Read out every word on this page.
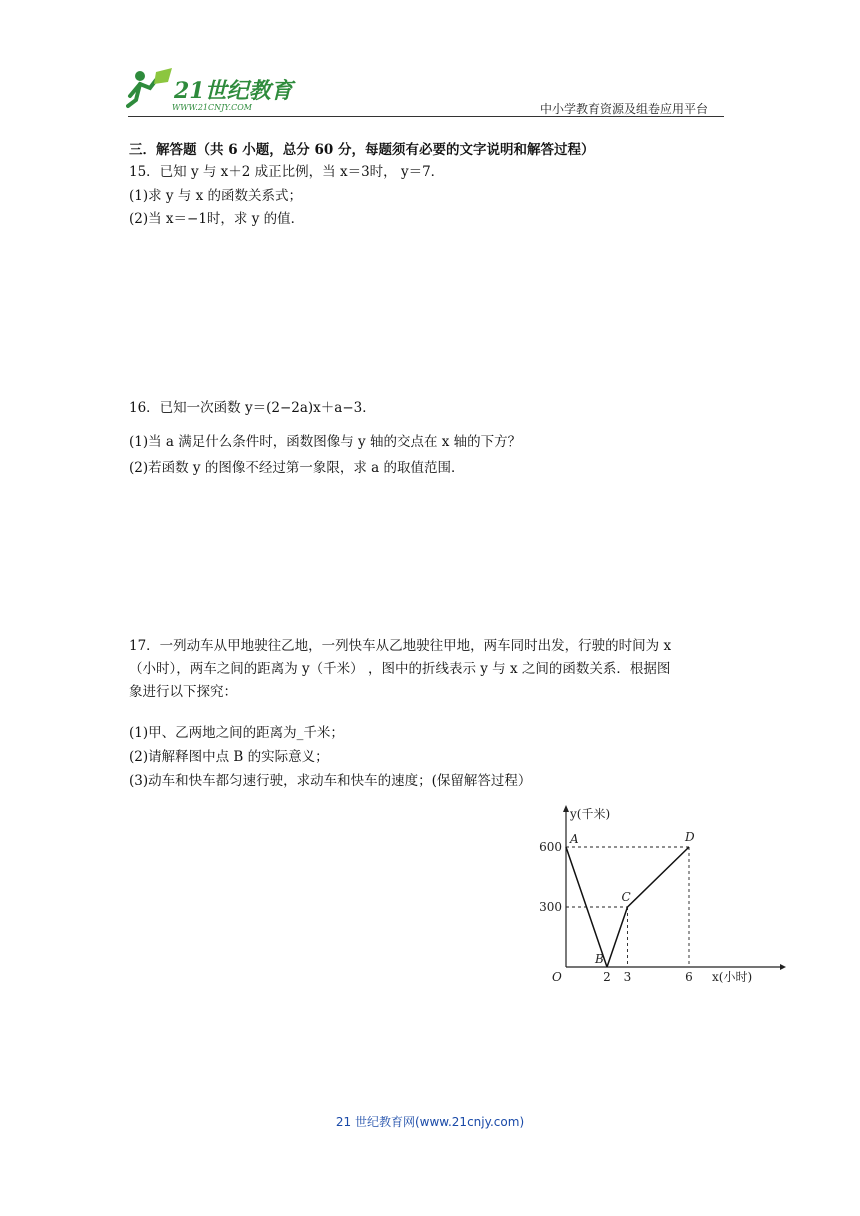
21世纪教育
WWW.21CNJY.COM	中小学教育资源及组卷应用平台
三．解答题（共 6 小题，总分 60 分，每题须有必要的文字说明和解答过程）
15．已知 y 与 x＋2 成正比例，当 x＝3时， y＝7．
(1)求 y 与 x 的函数关系式；
(2)当 x＝−1时，求 y 的值．
16．已知一次函数 y＝(2−2a)x＋a−3．
(1)当 a 满足什么条件时，函数图像与 y 轴的交点在 x 轴的下方？
(2)若函数 y 的图像不经过第一象限，求 a 的取值范围．
17．一列动车从甲地驶往乙地，一列快车从乙地驶往甲地，两车同时出发，行驶的时间为 x
（小时），两车之间的距离为 y（千米） ，图中的折线表示 y 与 x 之间的函数关系．根据图
象进行以下探究：
(1)甲、乙两地之间的距离为_千米；
(2)请解释图中点 B 的实际意义；
(3)动车和快车都匀速行驶，求动车和快车的速度；(保留解答过程）
y(千米)
x(小时)
O
300
600
2 3	6
A
B
C
D
21 世纪教育网(www.21cnjy.com)
